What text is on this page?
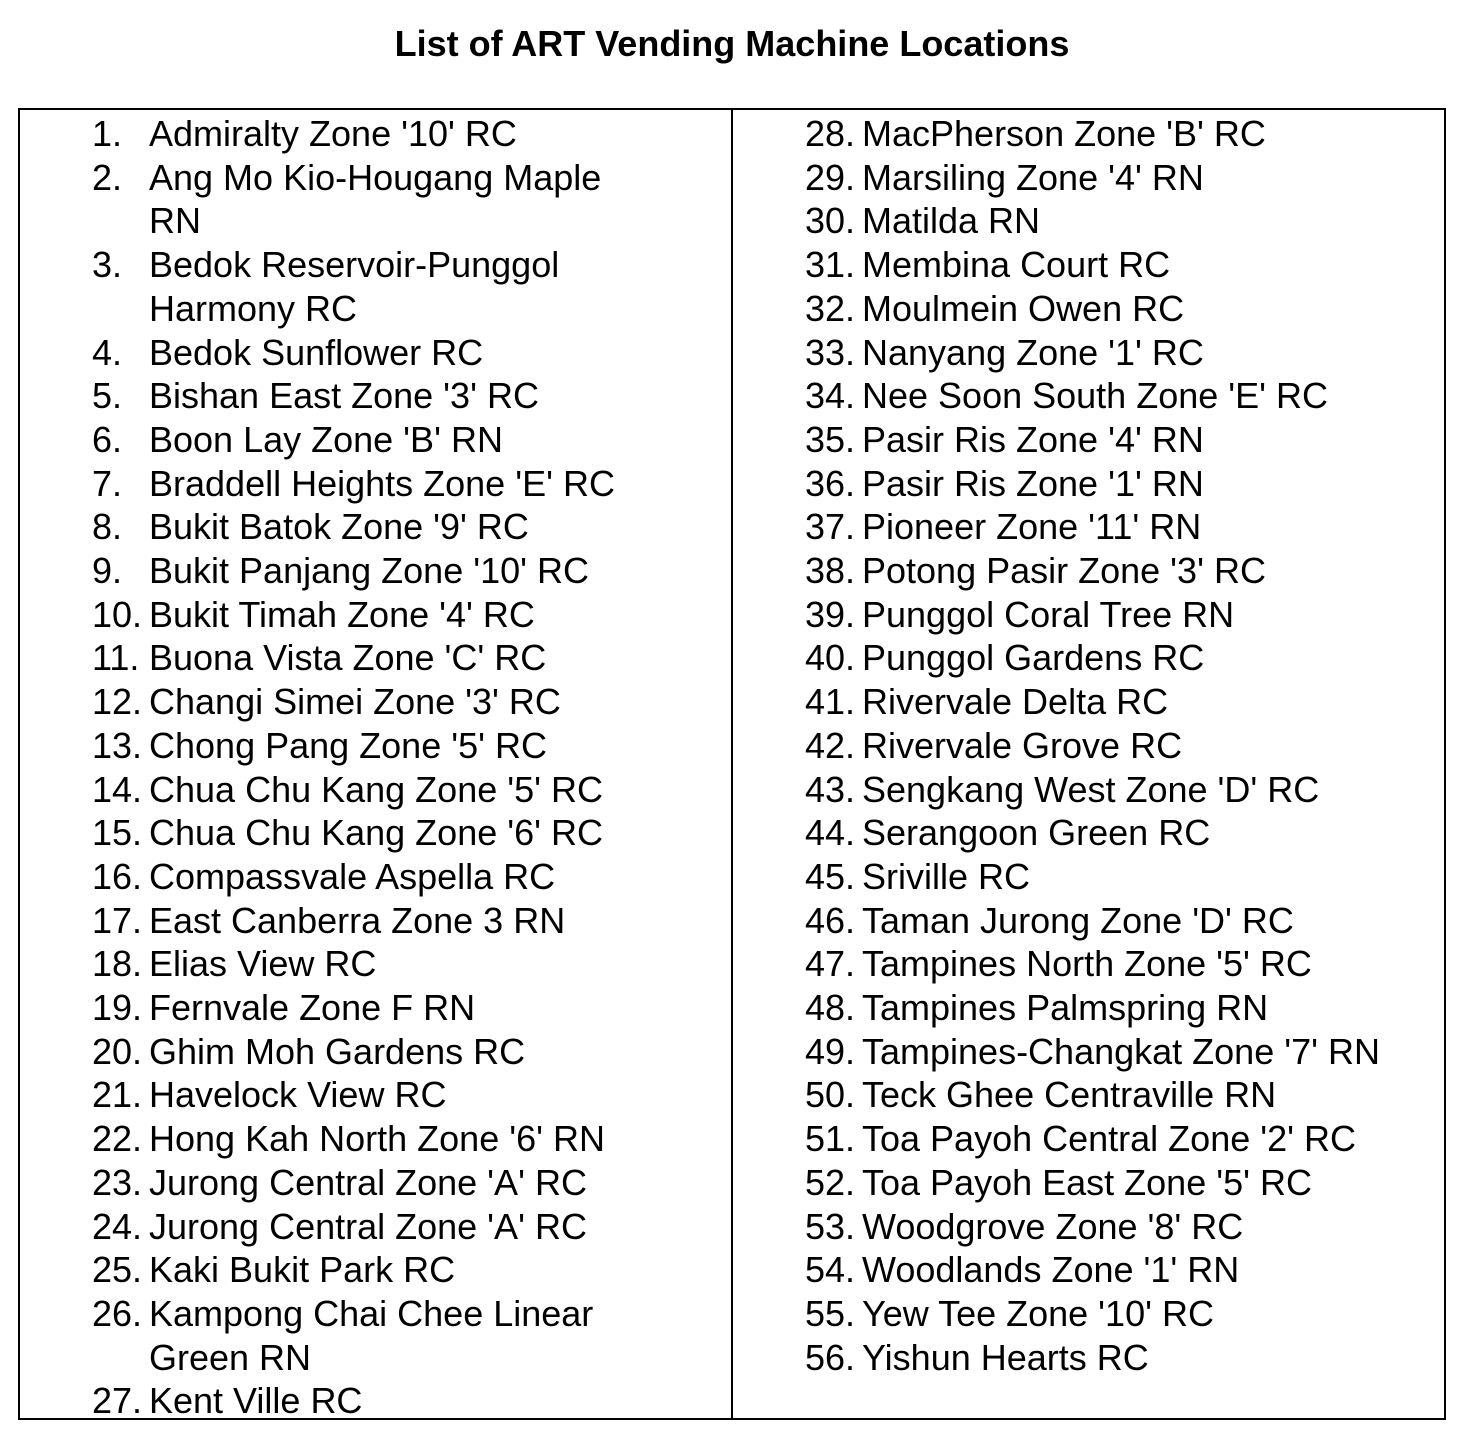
List of ART Vending Machine Locations
1. Admiralty Zone '10' RC
2. Ang Mo Kio-Hougang Maple RN
3. Bedok Reservoir-Punggol Harmony RC
4. Bedok Sunflower RC
5. Bishan East Zone '3' RC
6. Boon Lay Zone 'B' RN
7. Braddell Heights Zone 'E' RC
8. Bukit Batok Zone '9' RC
9. Bukit Panjang Zone '10' RC
10. Bukit Timah Zone '4' RC
11. Buona Vista Zone 'C' RC
12. Changi Simei Zone '3' RC
13. Chong Pang Zone '5' RC
14. Chua Chu Kang Zone '5' RC
15. Chua Chu Kang Zone '6' RC
16. Compassvale Aspella RC
17. East Canberra Zone 3 RN
18. Elias View RC
19. Fernvale Zone F RN
20. Ghim Moh Gardens RC
21. Havelock View RC
22. Hong Kah North Zone '6' RN
23. Jurong Central Zone 'A' RC
24. Jurong Central Zone 'A' RC
25. Kaki Bukit Park RC
26. Kampong Chai Chee Linear Green RN
27. Kent Ville RC
28. MacPherson Zone 'B' RC
29. Marsiling Zone '4' RN
30. Matilda RN
31. Membina Court RC
32. Moulmein Owen RC
33. Nanyang Zone '1' RC
34. Nee Soon South Zone 'E' RC
35. Pasir Ris Zone '4' RN
36. Pasir Ris Zone '1' RN
37. Pioneer Zone '11' RN
38. Potong Pasir Zone '3' RC
39. Punggol Coral Tree RN
40. Punggol Gardens RC
41. Rivervale Delta RC
42. Rivervale Grove RC
43. Sengkang West Zone 'D' RC
44. Serangoon Green RC
45. Sriville RC
46. Taman Jurong Zone 'D' RC
47. Tampines North Zone '5' RC
48. Tampines Palmspring RN
49. Tampines-Changkat Zone '7' RN
50. Teck Ghee Centraville RN
51. Toa Payoh Central Zone '2' RC
52. Toa Payoh East Zone '5' RC
53. Woodgrove Zone '8' RC
54. Woodlands Zone '1' RN
55. Yew Tee Zone '10' RC
56. Yishun Hearts RC
